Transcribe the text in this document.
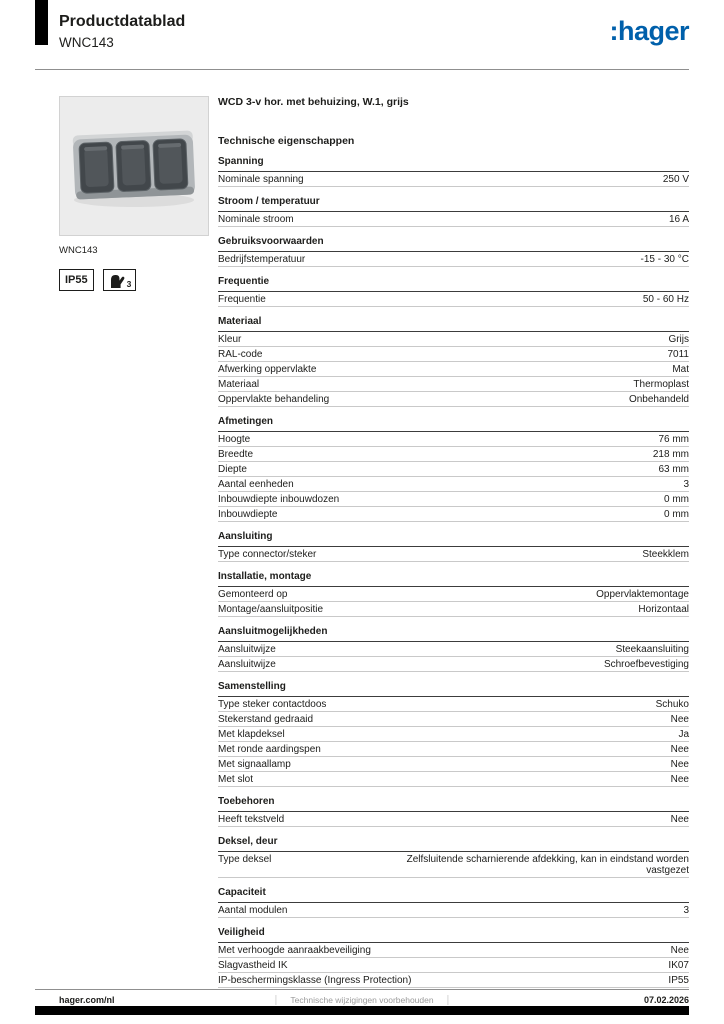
Productdatablad
WNC143	:hager
WNC143
IP55	3
WCD 3-v hor. met behuizing, W.1, grijs
Technische eigenschappen
Spanning
Nominale spanning	250 V
Stroom / temperatuur
Nominale stroom	16 A
Gebruiksvoorwaarden
Bedrijfstemperatuur	-15 - 30 °C
Frequentie
Frequentie	50 - 60 Hz
Materiaal
Kleur	Grijs
RAL-code	7011
Afwerking oppervlakte	Mat
Materiaal	Thermoplast
Oppervlakte behandeling	Onbehandeld
Afmetingen
Hoogte	76 mm
Breedte	218 mm
Diepte	63 mm
Aantal eenheden	3
Inbouwdiepte inbouwdozen	0 mm
Inbouwdiepte	0 mm
Aansluiting
Type connector/steker	Steekklem
Installatie, montage
Gemonteerd op	Oppervlaktemontage
Montage/aansluitpositie	Horizontaal
Aansluitmogelijkheden
Aansluitwijze	Steekaansluiting
Aansluitwijze	Schroefbevestiging
Samenstelling
Type steker contactdoos	Schuko
Stekerstand gedraaid	Nee
Met klapdeksel	Ja
Met ronde aardingspen	Nee
Met signaallamp	Nee
Met slot	Nee
Toebehoren
Heeft tekstveld	Nee
Deksel, deur
Type deksel	Zelfsluitende scharnierende afdekking, kan in eindstand worden vastgezet
Capaciteit
Aantal modulen	3
Veiligheid
Met verhoogde aanraakbeveiliging	Nee
Slagvastheid IK	IK07
IP-beschermingsklasse (Ingress Protection)	IP55
hager.com/nl	Technische wijzigingen voorbehouden	07.02.2026
